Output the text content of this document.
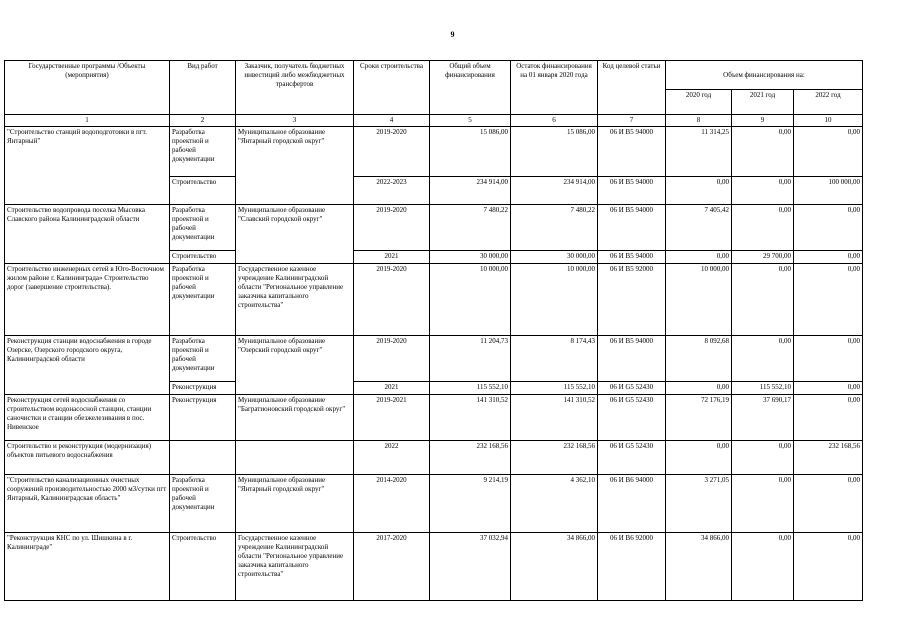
9
Государственные программы /Объекты (мероприятия)	Вид работ	Заказчик, получатель бюджетных инвестиций либо межбюджетных трансфертов	Сроки строительства	Общий объем финансирования	Остаток финансирования на 01 января 2020 года	Код целевой статьи	Объем финансирования на:		
							2020 год	2021 год	2022 год
1	2	3	4	5	6	7	8	9	10
"Строительство станций водоподготовки в пгт. Янтарный"	Разработка проектной и рабочей документации	Муниципальное образование "Янтарный городской округ"	2019-2020	15 086,00	15 086,00	06 И В5 94000	11 314,25	0,00	0,00
	Строительство		2022-2023	234 914,00	234 914,00	06 И В5 94000	0,00	0,00	100 000,00
Строительство водопровода поселка Мысовка Славского района Калининградской области	Разработка проектной и рабочей документации	Муниципальное образование "Славский городской округ"	2019-2020	7 480,22	7 480,22	06 И В5 94000	7 405,42	0,00	0,00
	Строительство		2021	30 000,00	30 000,00	06 И В5 94000	0,00	29 700,00	0,00
Строительство инженерных сетей в Юго-Восточном жилом районе г. Калининграда» Строительство дорог (завершение строительства).	Разработка проектной и рабочей документации	Государственное казенное учреждение Калининградской области "Региональное управление заказчика капитального строительства"	2019-2020	10 000,00	10 000,00	06 И В5 92000	10 000,00	0,00	0,00
Реконструкция станции водоснабжения в городе Озерске, Озерского городского округа, Калининградской области	Разработка проектной и рабочей документации	Муниципальное образование "Озерский городской округ"	2019-2020	11 204,73	8 174,43	06 И В5 94000	8 092,68	0,00	0,00
	Реконструкция		2021	115 552,10	115 552,10	06 И G5 52430	0,00	115 552,10	0,00
Реконструкция сетей водоснабжения со строительством водонасосной станции, станции саночистки и станции обезжелезивания в пос. Нивенское	Реконструкция	Муниципальное образование "Багратионовский городской округ"	2019-2021	141 310,52	141 310,52	06 И G5 52430	72 176,19	37 690,17	0,00
Строительство и реконструкция (модернизация) объектов питьевого водоснабжения			2022	232 168,56	232 168,56	06 И G5 52430	0,00	0,00	232 168,56
"Строительство канализационных очистных сооружений производительностью 2000 м3/сутки пгт Янтарный, Калининградская область"	Разработка проектной и рабочей документации	Муниципальное образование "Янтарный городской округ"	2014-2020	9 214,19	4 362,10	06 И В6 94000	3 271,05	0,00	0,00
"Реконструкция КНС по ул. Шишкина в г. Калининграде"	Строительство	Государственное казенное учреждение Калининградской области "Региональное управление заказчика капитального строительства"	2017-2020	37 032,94	34 866,00	06 И В6 92000	34 866,00	0,00	0,00
